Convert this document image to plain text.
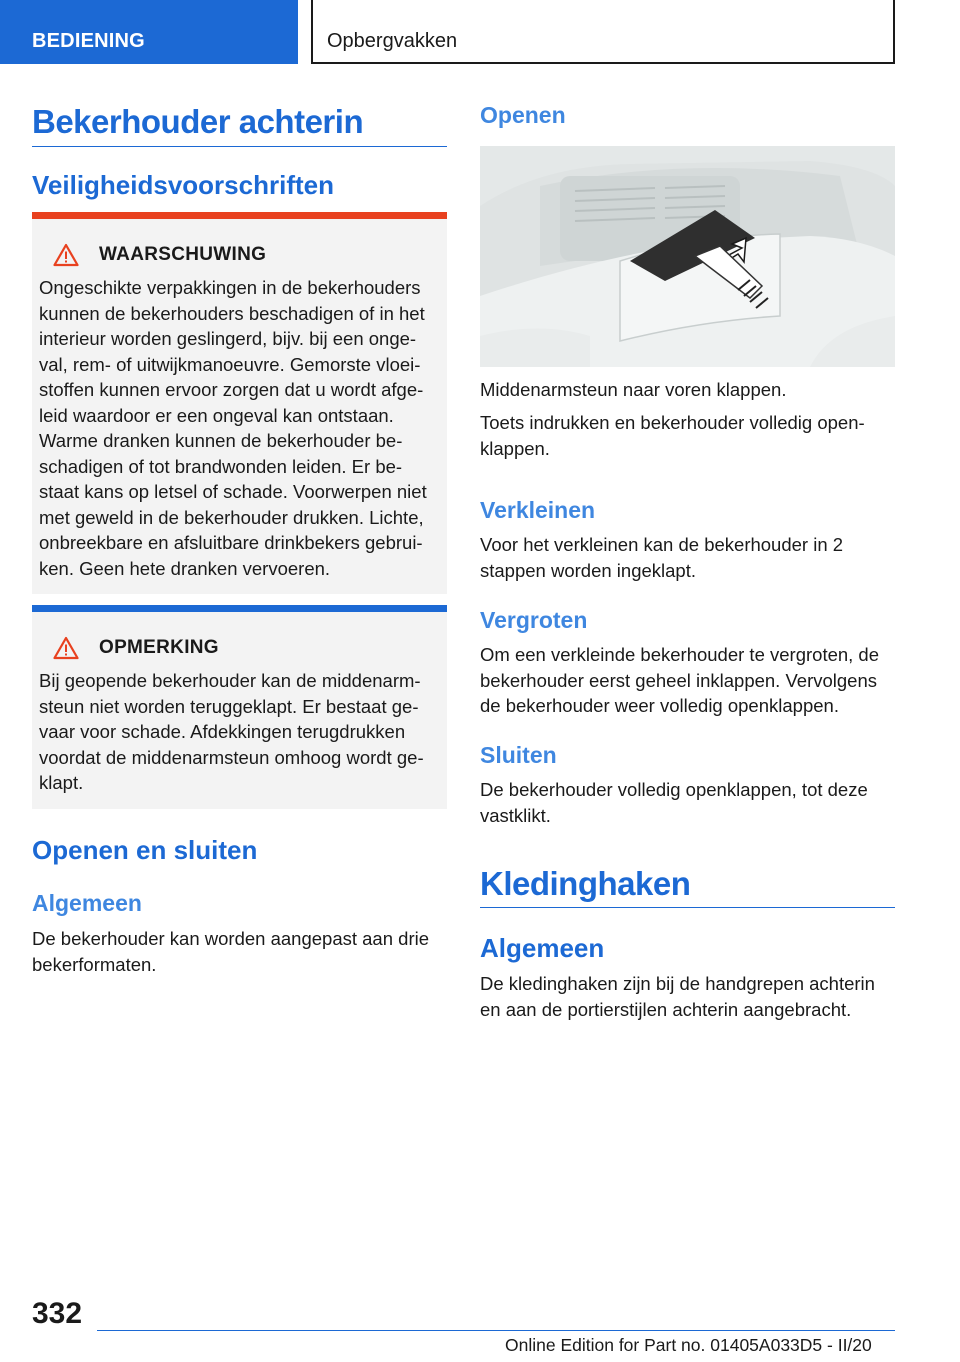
BEDIENING	Opbergvakken
Bekerhouder achterin
Veiligheidsvoorschriften
WAARSCHUWING

Ongeschikte verpakkingen in de bekerhouders kunnen de bekerhouders beschadigen of in het interieur worden geslingerd, bijv. bij een onge‐ val, rem- of uitwijkmanoeuvre. Gemorste vloei‐ stoffen kunnen ervoor zorgen dat u wordt afge‐ leid waardoor er een ongeval kan ontstaan. Warme dranken kunnen de bekerhouder be‐ schadigen of tot brandwonden leiden. Er be‐ staat kans op letsel of schade. Voorwerpen niet met geweld in de bekerhouder drukken. Lichte, onbreekbare en afsluitbare drinkbekers gebrui‐ ken. Geen hete dranken vervoeren.

OPMERKING

Bij geopende bekerhouder kan de middenarm‐ steun niet worden teruggeklapt. Er bestaat ge‐ vaar voor schade. Afdekkingen terugdrukken voordat de middenarmsteun omhoog wordt ge‐ klapt.

Openen en sluiten
Algemeen

De bekerhouder kan worden aangepast aan drie bekerformaten.

Openen

Middenarmsteun naar voren klappen.

Toets indrukken en bekerhouder volledig open‐ klappen.

Verkleinen

Voor het verkleinen kan de bekerhouder in 2 stappen worden ingeklapt.

Vergroten

Om een verkleinde bekerhouder te vergroten, de bekerhouder eerst geheel inklappen. Vervolgens de bekerhouder weer volledig openklappen.

Sluiten

De bekerhouder volledig openklappen, tot deze vastklikt.

Kledinghaken
Algemeen

De kledinghaken zijn bij de handgrepen achterin en aan de portierstijlen achterin aangebracht.

332
Online Edition for Part no. 01405A033D5 - II/20
